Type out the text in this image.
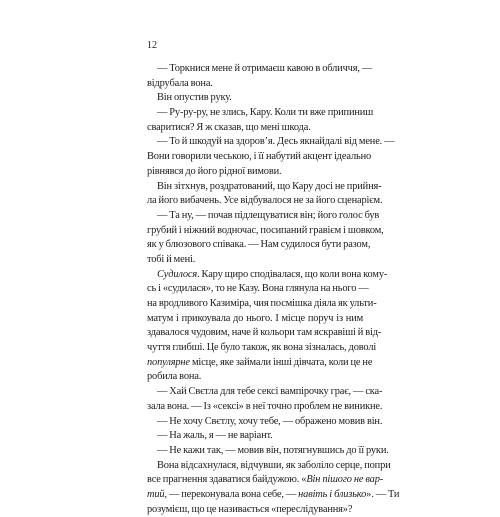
12
— Торкнися мене й отримаєш кавою в обличчя, —
відрубала вона.
Він опустив руку.
— Ру-ру-ру, не злись, Кару. Коли ти вже припиниш
сваритися? Я ж сказав, що мені шкода.
— То й шкодуй на здоров’я. Десь якнайдалі від мене. —
Вони говорили чеською, і її набутий акцент ідеально
рівнявся до його рідної вимови.
Він зітхнув, роздратований, що Кару досі не прийня-
ла його вибачень. Усе відбувалося не за його сценарієм.
— Та ну, — почав підлещуватися він; його голос був
грубий і ніжний водночас, посипаний гравієм і шовком,
як у блюзового співака. — Нам судилося бути разом,
тобі й мені.
Судилося. Кару щиро сподівалася, що коли вона кому-
сь і «судилася», то не Казу. Вона глянула на нього —
на вродливого Казиміра, чия посмішка діяла як ульти-
матум і прикоувала до нього. І місце поруч із ним
здавалося чудовим, наче й кольори там яскравіші й від-
чуття глибші. Це було також, як вона зізналась, доволі
популярне місце, яке займали інші дівчата, коли це не
робила вона.
— Хай Свєтла для тебе сексі вампірочку грає, — ска-
зала вона. — Із «сексі» в неї точно проблем не виникне.
— Не хочу Свєтлу, хочу тебе, — ображено мовив він.
— На жаль, я — не варіант.
— Не кажи так, — мовив він, потягнувшись до її руки.
Вона відсахнулася, відчувши, як заболіло серце, попри
все прагнення здаватися байдужою. «Він пішого не вар-
тий, — переконувала вона себе, — навіть і близько». — Ти
розумієш, що це називається «переслідування»?
